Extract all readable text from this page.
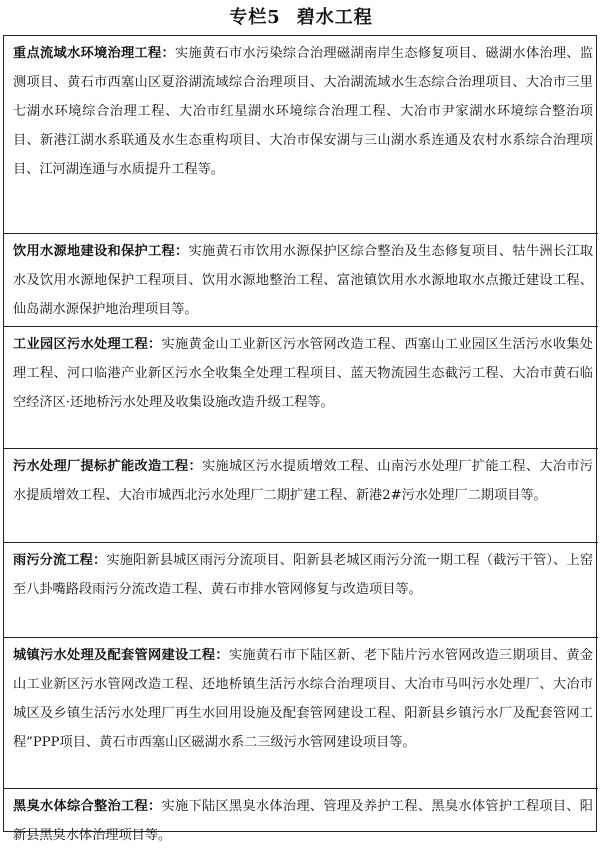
专栏5 碧水工程
重点流域水环境治理工程：实施黄石市水污染综合治理磁湖南岸生态修复项目、磁湖水体治理、监测项目、黄石市西塞山区夏浴湖流域综合治理项目、大冶湖流域水生态综合治理项目、大冶市三里七湖水环境综合治理工程、大冶市红星湖水环境综合治理工程、大冶市尹家湖水环境综合整治项目、新港江湖水系联通及水生态重构项目、大冶市保安湖与三山湖水系连通及农村水系综合治理项目、江河湖连通与水质提升工程等。
饮用水源地建设和保护工程：实施黄石市饮用水源保护区综合整治及生态修复项目、牯牛洲长江取水及饮用水源地保护工程项目、饮用水源地整治工程、富池镇饮用水水源地取水点搬迁建设工程、仙岛湖水源保护地治理项目等。
工业园区污水处理工程：实施黄金山工业新区污水管网改造工程、西塞山工业园区生活污水收集处理工程、河口临港产业新区污水全收集全处理工程项目、蓝天物流园生态截污工程、大冶市黄石临空经济区·还地桥污水处理及收集设施改造升级工程等。
污水处理厂提标扩能改造工程：实施城区污水提质增效工程、山南污水处理厂扩能工程、大冶市污水提质增效工程、大冶市城西北污水处理厂二期扩建工程、新港2#污水处理厂二期项目等。
雨污分流工程：实施阳新县城区雨污分流项目、阳新县老城区雨污分流一期工程（截污干管）、上窑至八卦嘴路段雨污分流改造工程、黄石市排水管网修复与改造项目等。
城镇污水处理及配套管网建设工程：实施黄石市下陆区新、老下陆片污水管网改造三期项目、黄金山工业新区污水管网改造工程、还地桥镇生活污水综合治理项目、大冶市马叫污水处理厂、大冶市城区及乡镇生活污水处理厂再生水回用设施及配套管网建设工程、阳新县乡镇污水厂及配套管网工程”PPP项目、黄石市西塞山区磁湖水系二三级污水管网建设项目等。
黑臭水体综合整治工程：实施下陆区黑臭水体治理、管理及养护工程、黑臭水体管护工程项目、阳新县黑臭水体治理项目等。
